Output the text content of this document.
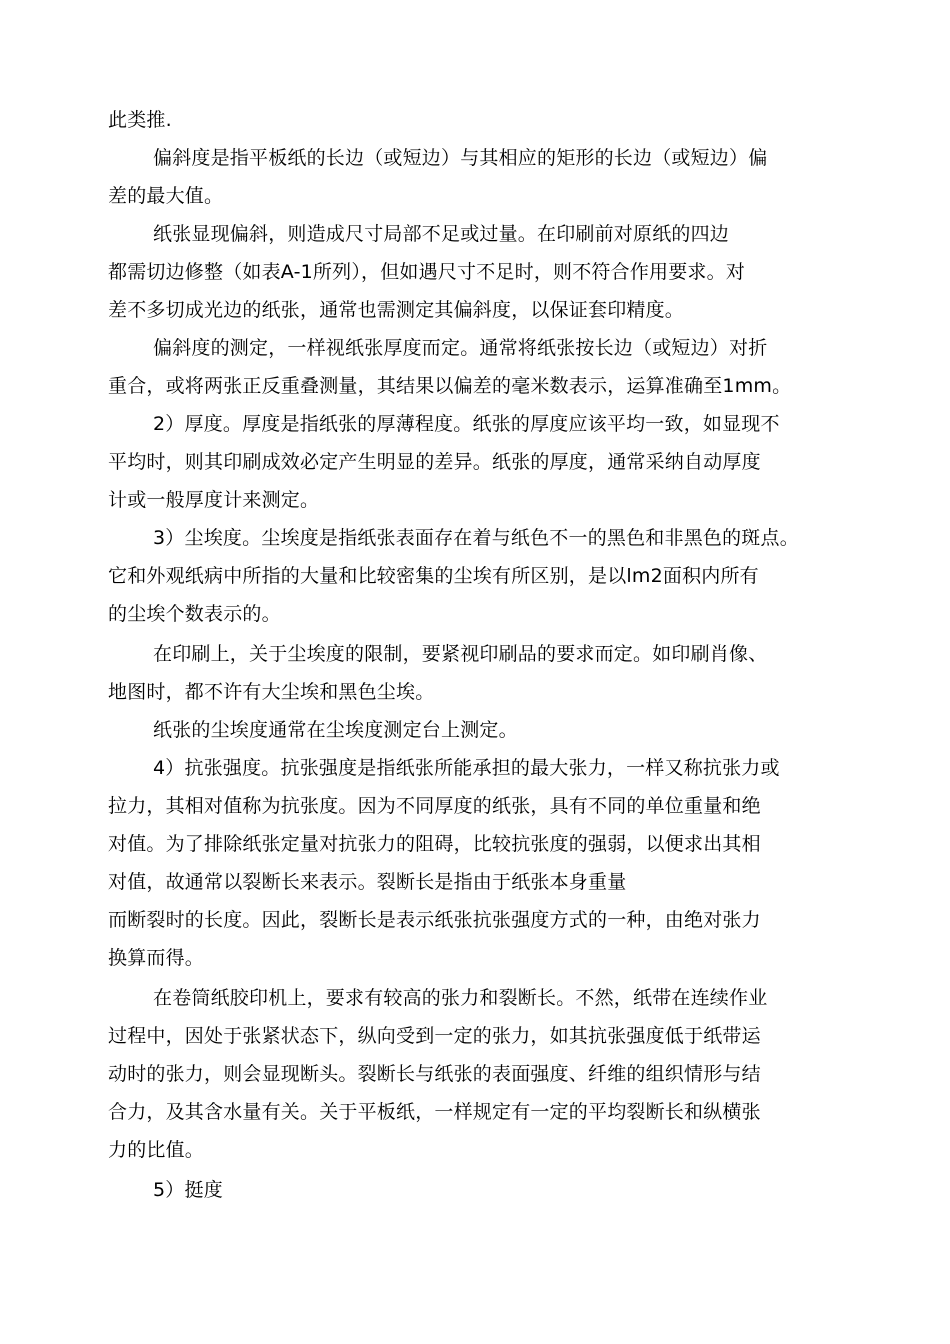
此类推.
偏斜度是指平板纸的长边（或短边）与其相应的矩形的长边（或短边）偏
差的最大值。
纸张显现偏斜，则造成尺寸局部不足或过量。在印刷前对原纸的四边
都需切边修整（如表A-1所列），但如遇尺寸不足时，则不符合作用要求。对
差不多切成光边的纸张，通常也需测定其偏斜度，以保证套印精度。
偏斜度的测定，一样视纸张厚度而定。通常将纸张按长边（或短边）对折
重合，或将两张正反重叠测量，其结果以偏差的毫米数表示，运算准确至1mm。
2）厚度。厚度是指纸张的厚薄程度。纸张的厚度应该平均一致，如显现不
平均时，则其印刷成效必定产生明显的差异。纸张的厚度，通常采纳自动厚度
计或一般厚度计来测定。
3）尘埃度。尘埃度是指纸张表面存在着与纸色不一的黑色和非黑色的斑点。
它和外观纸病中所指的大量和比较密集的尘埃有所区别，是以lm2面积内所有
的尘埃个数表示的。
在印刷上，关于尘埃度的限制，要紧视印刷品的要求而定。如印刷肖像、
地图时，都不许有大尘埃和黑色尘埃。
纸张的尘埃度通常在尘埃度测定台上测定。
4）抗张强度。抗张强度是指纸张所能承担的最大张力，一样又称抗张力或
拉力，其相对值称为抗张度。因为不同厚度的纸张，具有不同的单位重量和绝
对值。为了排除纸张定量对抗张力的阻碍，比较抗张度的强弱，以便求出其相
对值，故通常以裂断长来表示。裂断长是指由于纸张本身重量
而断裂时的长度。因此，裂断长是表示纸张抗张强度方式的一种，由绝对张力
换算而得。
在卷筒纸胶印机上，要求有较高的张力和裂断长。不然，纸带在连续作业
过程中，因处于张紧状态下，纵向受到一定的张力，如其抗张强度低于纸带运
动时的张力，则会显现断头。裂断长与纸张的表面强度、纤维的组织情形与结
合力，及其含水量有关。关于平板纸，一样规定有一定的平均裂断长和纵横张
力的比值。
5）挺度
